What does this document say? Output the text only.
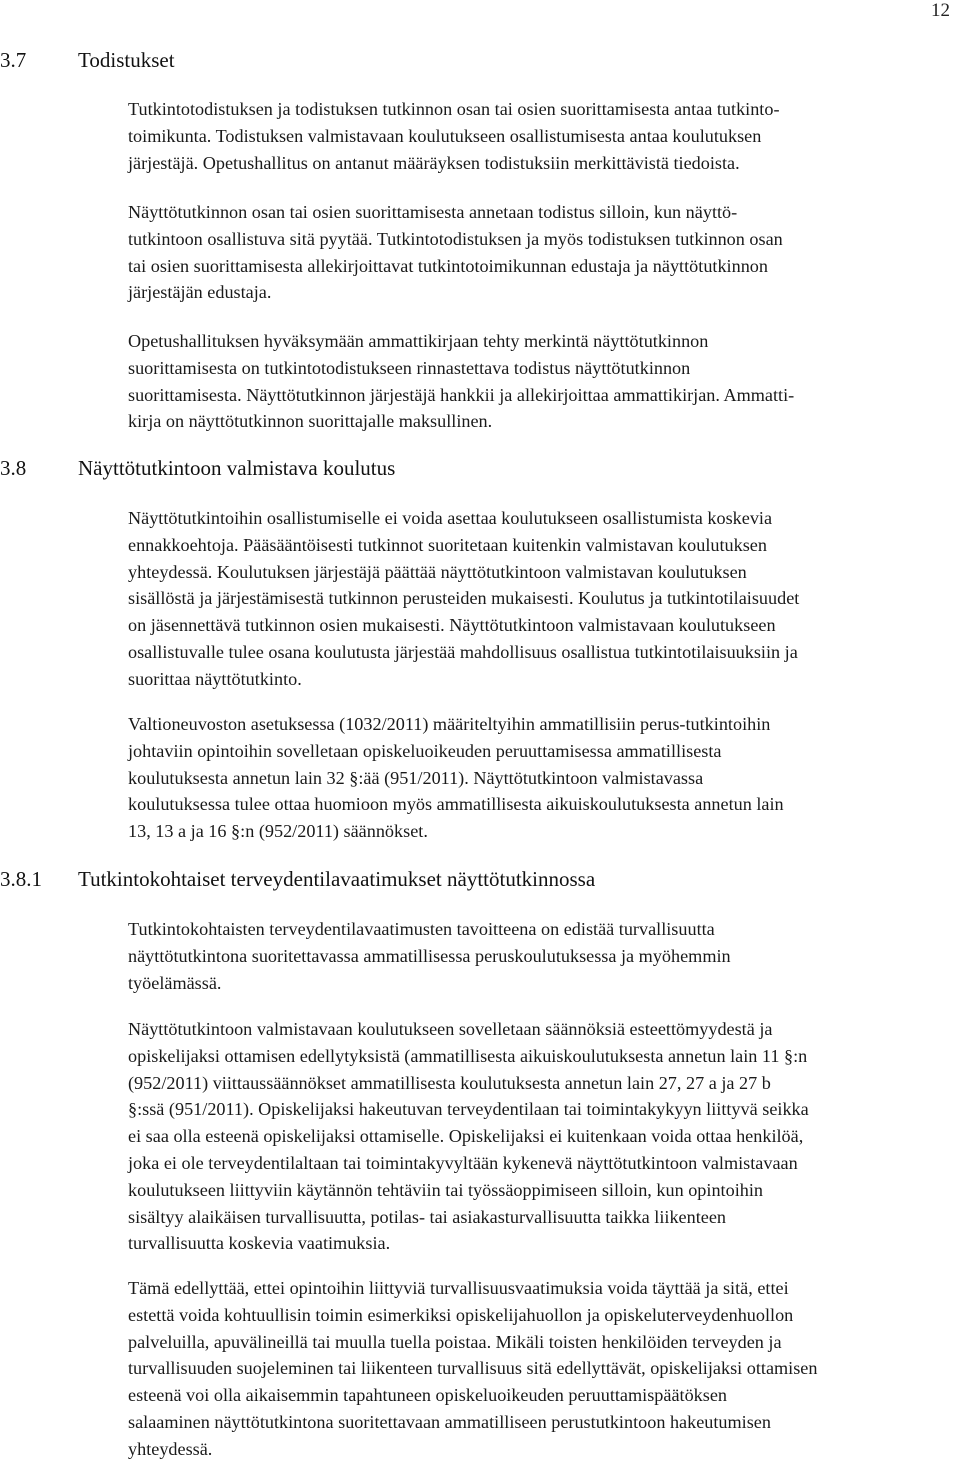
12
3.7 Todistukset
Tutkintotodistuksen ja todistuksen tutkinnon osan tai osien suorittamisesta antaa tutkinto-
toimikunta. Todistuksen valmistavaan koulutukseen osallistumisesta antaa koulutuksen
järjestäjä. Opetushallitus on antanut määräyksen todistuksiin merkittävistä tiedoista.
Näyttötutkinnon osan tai osien suorittamisesta annetaan todistus silloin, kun näyttö-
tutkintoon osallistuva sitä pyytää. Tutkintotodistuksen ja myös todistuksen tutkinnon osan
tai osien suorittamisesta allekirjoittavat tutkintotoimikunnan edustaja ja näyttötutkinnon
järjestäjän edustaja.
Opetushallituksen hyväksymään ammattikirjaan tehty merkintä näyttötutkinnon
suorittamisesta on tutkintotodistukseen rinnastettava todistus näyttötutkinnon
suorittamisesta. Näyttötutkinnon järjestäjä hankkii ja allekirjoittaa ammattikirjan. Ammatti-
kirja on näyttötutkinnon suorittajalle maksullinen.
3.8 Näyttötutkintoon valmistava koulutus
Näyttötutkintoihin osallistumiselle ei voida asettaa koulutukseen osallistumista koskevia
ennakkoehtoja. Pääsääntöisesti tutkinnot suoritetaan kuitenkin valmistavan koulutuksen
yhteydessä. Koulutuksen järjestäjä päättää näyttötutkintoon valmistavan koulutuksen
sisällöstä ja järjestämisestä tutkinnon perusteiden mukaisesti. Koulutus ja tutkintotilaisuudet
on jäsennettävä tutkinnon osien mukaisesti. Näyttötutkintoon valmistavaan koulutukseen
osallistuvalle tulee osana koulutusta järjestää mahdollisuus osallistua tutkintotilaisuuksiin ja
suorittaa näyttötutkinto.
Valtioneuvoston asetuksessa (1032/2011) määriteltyihin ammatillisiin perus-tutkintoihin
johtaviin opintoihin sovelletaan opiskeluoikeuden peruuttamisessa ammatillisesta
koulutuksesta annetun lain 32 §:ää (951/2011). Näyttötutkintoon valmistavassa
koulutuksessa tulee ottaa huomioon myös ammatillisesta aikuiskoulutuksesta annetun lain
13, 13 a ja 16 §:n (952/2011) säännökset.
3.8.1 Tutkintokohtaiset terveydentilavaatimukset näyttötutkinnossa
Tutkintokohtaisten terveydentilavaatimusten tavoitteena on edistää turvallisuutta
näyttötutkintona suoritettavassa ammatillisessa peruskoulutuksessa ja myöhemmin
työelämässä.
Näyttötutkintoon valmistavaan koulutukseen sovelletaan säännöksiä esteettömyydestä ja
opiskelijaksi ottamisen edellytyksistä (ammatillisesta aikuiskoulutuksesta annetun lain 11 §:n
(952/2011) viittaussäännökset ammatillisesta koulutuksesta annetun lain 27, 27 a ja 27 b
§:ssä (951/2011). Opiskelijaksi hakeutuvan terveydentilaan tai toimintakykyyn liittyvä seikka
ei saa olla esteenä opiskelijaksi ottamiselle. Opiskelijaksi ei kuitenkaan voida ottaa henkilöä,
joka ei ole terveydentilaltaan tai toimintakyvyltään kykenevä näyttötutkintoon valmistavaan
koulutukseen liittyviin käytännön tehtäviin tai työssäoppimiseen silloin, kun opintoihin
sisältyy alaikäisen turvallisuutta, potilas- tai asiakasturvallisuutta taikka liikenteen
turvallisuutta koskevia vaatimuksia.
Tämä edellyttää, ettei opintoihin liittyviä turvallisuusvaatimuksia voida täyttää ja sitä, ettei
estettä voida kohtuullisin toimin esimerkiksi opiskelijahuollon ja opiskeluterveydenhuollon
palveluilla, apuvälineillä tai muulla tuella poistaa. Mikäli toisten henkilöiden terveyden ja
turvallisuuden suojeleminen tai liikenteen turvallisuus sitä edellyttävät, opiskelijaksi ottamisen
esteenä voi olla aikaisemmin tapahtuneen opiskeluoikeuden peruuttamispäätöksen
salaaminen näyttötutkintona suoritettavaan ammatilliseen perustutkintoon hakeutumisen
yhteydessä.
